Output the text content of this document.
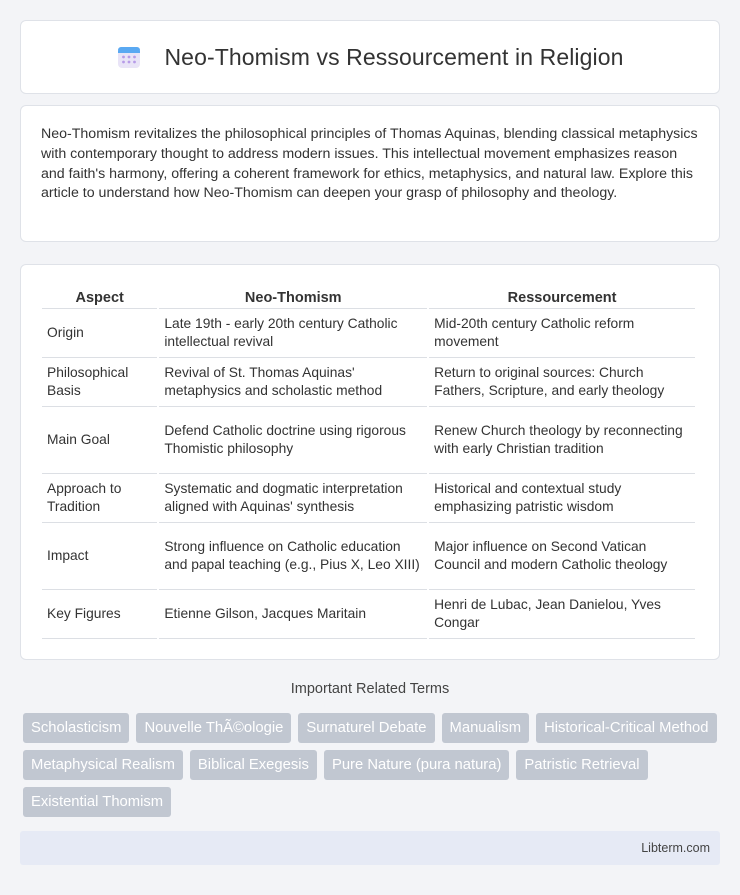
Neo-Thomism vs Ressourcement in Religion

Neo-Thomism revitalizes the philosophical principles of Thomas Aquinas, blending classical metaphysics with contemporary thought to address modern issues. This intellectual movement emphasizes reason and faith's harmony, offering a coherent framework for ethics, metaphysics, and natural law. Explore this article to understand how Neo-Thomism can deepen your grasp of philosophy and theology.

Aspect	Neo-Thomism	Ressourcement
Origin	Late 19th - early 20th century Catholic intellectual revival	Mid-20th century Catholic reform movement
Philosophical Basis	Revival of St. Thomas Aquinas' metaphysics and scholastic method	Return to original sources: Church Fathers, Scripture, and early theology
Main Goal	Defend Catholic doctrine using rigorous Thomistic philosophy	Renew Church theology by reconnecting with early Christian tradition
Approach to Tradition	Systematic and dogmatic interpretation aligned with Aquinas' synthesis	Historical and contextual study emphasizing patristic wisdom
Impact	Strong influence on Catholic education and papal teaching (e.g., Pius X, Leo XIII)	Major influence on Second Vatican Council and modern Catholic theology
Key Figures	Etienne Gilson, Jacques Maritain	Henri de Lubac, Jean Danielou, Yves Congar
Important Related Terms
Scholasticism	Nouvelle ThÃ©ologie	Surnaturel Debate	Manualism	Historical-Critical Method
Metaphysical Realism	Biblical Exegesis	Pure Nature (pura natura)	Patristic Retrieval
Existential Thomism
Libterm.com
